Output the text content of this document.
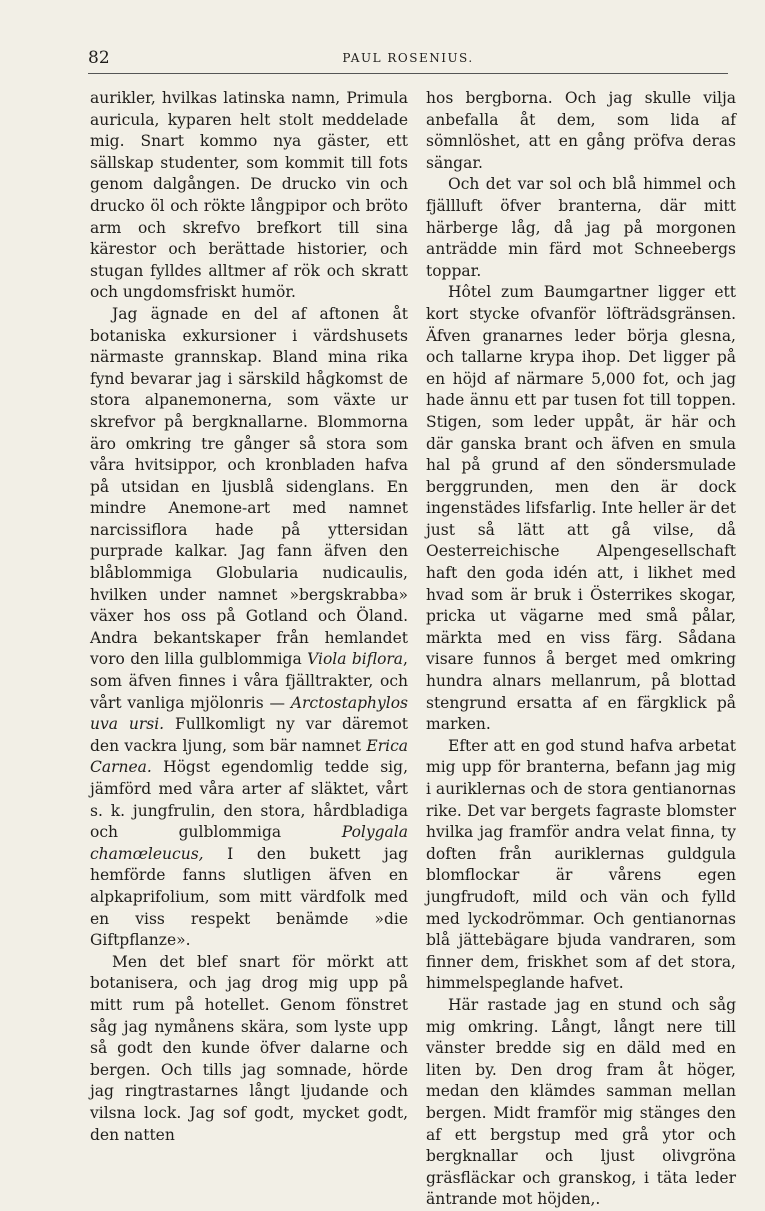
82	PAUL ROSENIUS.

aurikler, hvilkas latinska namn, Primula auricula, kyparen helt stolt meddelade mig. Snart kommo nya gäster, ett sällskap studenter, som kommit till fots genom dalgången. De drucko vin och drucko öl och rökte långpipor och bröto arm och skrefvo brefkort till sina kärestor och berättade historier, och stugan fylldes alltmer af rök och skratt och ungdomsfriskt humör.

Jag ägnade en del af aftonen åt botaniska exkursioner i värdshusets närmaste grannskap. Bland mina rika fynd bevarar jag i särskild hågkomst de stora alpanemonerna, som växte ur skrefvor på bergknallarne. Blommorna äro omkring tre gånger så stora som våra hvitsippor, och kronbladen hafva på utsidan en ljusblå sidenglans. En mindre Anemone-art med namnet narcissiflora hade på yttersidan purprade kalkar. Jag fann äfven den blåblommiga Globularia nudicaulis, hvilken under namnet »bergskrabba» växer hos oss på Gotland och Öland. Andra bekantskaper från hemlandet voro den lilla gulblommiga Viola biflora, som äfven finnes i våra fjälltrakter, och vårt vanliga mjölonris — Arctostaphylos uva ursi. Fullkomligt ny var däremot den vackra ljung, som bär namnet Erica Carnea. Högst egendomlig tedde sig, jämförd med våra arter af släktet, vårt s. k. jungfrulin, den stora, hårdbladiga och gulblommiga Polygala chamœleucus, I den bukett jag hemförde fanns slutligen äfven en alpkaprifolium, som mitt värdfolk med en viss respekt benämde »die Giftpflanze».

Men det blef snart för mörkt att botanisera, och jag drog mig upp på mitt rum på hotellet. Genom fönstret såg jag nymånens skära, som lyste upp så godt den kunde öfver dalarne och bergen. Och tills jag somnade, hörde jag ringtrastarnes långt ljudande och vilsna lock. Jag sof godt, mycket godt, den natten

hos bergborna. Och jag skulle vilja anbefalla åt dem, som lida af sömnlöshet, att en gång pröfva deras sängar.

Och det var sol och blå himmel och fjällluft öfver branterna, där mitt härberge låg, då jag på morgonen anträdde min färd mot Schneebergs toppar.

Hôtel zum Baumgartner ligger ett kort stycke ofvanför löfträdsgränsen. Äfven granarnes leder börja glesna, och tallarne krypa ihop. Det ligger på en höjd af närmare 5,000 fot, och jag hade ännu ett par tusen fot till toppen. Stigen, som leder uppåt, är här och där ganska brant och äfven en smula hal på grund af den söndersmulade berggrunden, men den är dock ingenstädes lifsfarlig. Inte heller är det just så lätt att gå vilse, då Oesterreichische Alpengesellschaft haft den goda idén att, i likhet med hvad som är bruk i Österrikes skogar, pricka ut vägarne med små pålar, märkta med en viss färg. Sådana visare funnos å berget med omkring hundra alnars mellanrum, på blottad stengrund ersatta af en färgklick på marken.

Efter att en god stund hafva arbetat mig upp för branterna, befann jag mig i auriklernas och de stora gentianornas rike. Det var bergets fagraste blomster hvilka jag framför andra velat finna, ty doften från auriklernas guldgula blomflockar är vårens egen jungfrudoft, mild och vän och fylld med lyckodrömmar. Och gentianornas blå jättebägare bjuda vandraren, som finner dem, friskhet som af det stora, himmelspeglande hafvet.

Här rastade jag en stund och såg mig omkring. Långt, långt nere till vänster bredde sig en däld med en liten by. Den drog fram åt höger, medan den klämdes samman mellan bergen. Midt framför mig stänges den af ett bergstup med grå ytor och bergknallar och ljust olivgröna gräsfläckar och granskog, i täta leder äntrande mot höjden,.
